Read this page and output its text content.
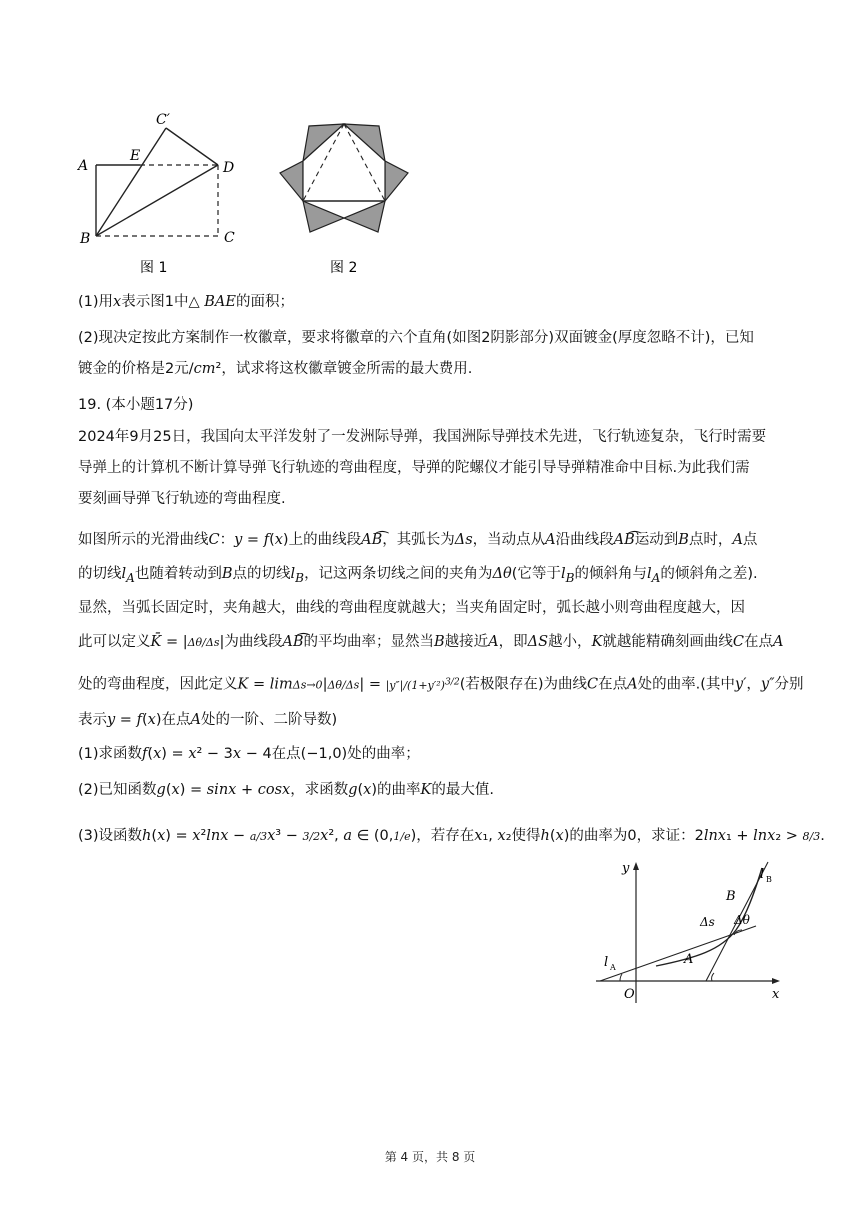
A
B	C
D
E
C′
图 1	图 2
(1)用x表示图1中△ BAE的面积；
(2)现决定按此方案制作一枚徽章，要求将徽章的六个直角(如图2阴影部分)双面镀金(厚度忽略不计)，已知
镀金的价格是2元/cm²，试求将这枚徽章镀金所需的最大费用.
19. (本小题17分)
2024年9月25日，我国向太平洋发射了一发洲际导弹，我国洲际导弹技术先进，飞行轨迹复杂，飞行时需要
导弹上的计算机不断计算导弹飞行轨迹的弯曲程度，导弹的陀螺仪才能引导导弹精准命中目标.为此我们需
要刻画导弹飞行轨迹的弯曲程度.
如图所示的光滑曲线C：y = f(x)上的曲线段AB͡，其弧长为Δs，当动点从A沿曲线段AB͡运动到B点时，A点
的切线$l_A$也随着转动到B点的切线$l_B$，记这两条切线之间的夹角为Δθ(它等于$l_B$的倾斜角与$l_A$的倾斜角之差).
显然，当弧长固定时，夹角越大，曲线的弯曲程度就越大；当夹角固定时，弧长越小则弯曲程度越大，因
此可以定义K̄ = |Δθ/Δs|为曲线段AB͡的平均曲率；显然当B越接近A，即ΔS越小，K就越能精确刻画曲线C在点A
处的弯曲程度，因此定义$K = \lim\Delta s\to 0|\Delta\theta/\Delta s| = |y''|/(1+y'^2)^{3/2}$(若极限存在)为曲线C在点A处的曲率.(其中y′，y″分别
表示y = f(x)在点A处的一阶、二阶导数)
(1)求函数f(x) = x² − 3x − 4在点(−1,0)处的曲率；
(2)已知函数g(x) = sinx + cosx，求函数g(x)的曲率K的最大值.
(3)设函数h(x) = x²lnx − a/3x³ − 3/2x², a ∈ (0,1/e)，若存在x₁, x₂使得h(x)的曲率为0，求证：2lnx₁ + lnx₂ > 8/3.
y
x
O
A
B
l A
l B
Δs Δθ
第 4 页，共 8 页
